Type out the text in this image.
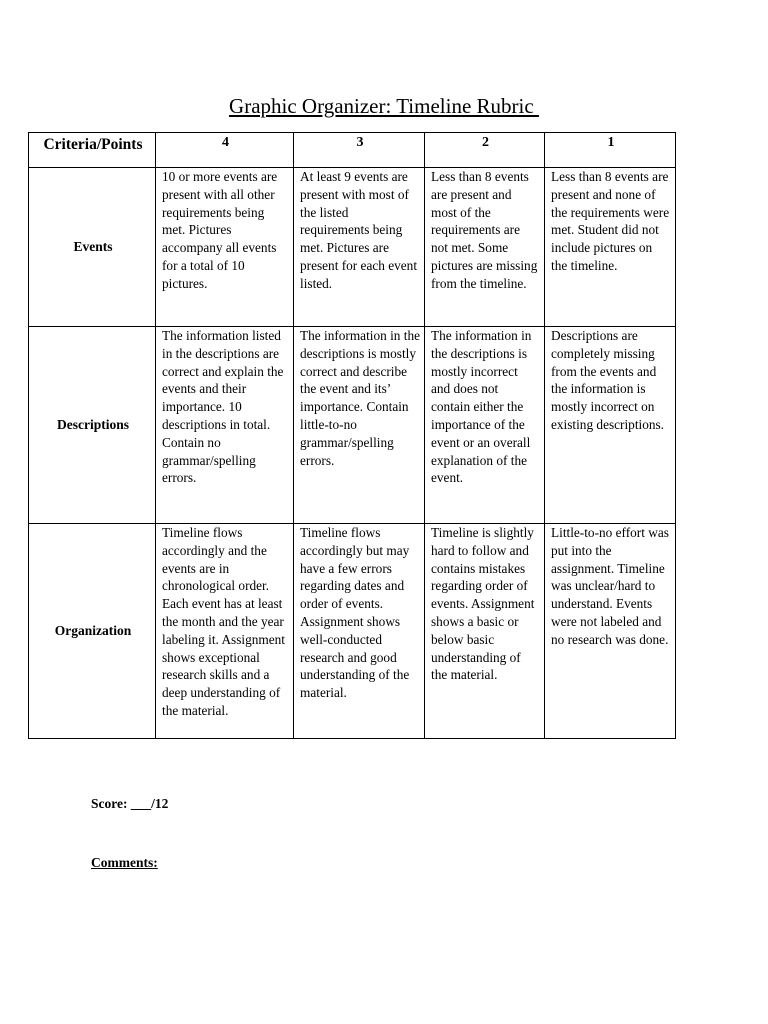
Graphic Organizer: Timeline Rubric
Criteria/Points	4	3	2	1
Events	10 or more events are present with all other requirements being met. Pictures accompany all events for a total of 10 pictures.	At least 9 events are present with most of the listed requirements being met. Pictures are present for each event listed.	Less than 8 events are present and most of the requirements are not met. Some pictures are missing from the timeline.	Less than 8 events are present and none of the requirements were met. Student did not include pictures on the timeline.
Descriptions	The information listed in the descriptions are correct and explain the events and their importance. 10 descriptions in total. Contain no grammar/spelling errors.	The information in the descriptions is mostly correct and describe the event and its’ importance. Contain little-to-no grammar/spelling errors.	The information in the descriptions is mostly incorrect and does not contain either the importance of the event or an overall explanation of the event.	Descriptions are completely missing from the events and the information is mostly incorrect on existing descriptions.
Organization	Timeline flows accordingly and the events are in chronological order. Each event has at least the month and the year labeling it. Assignment shows exceptional research skills and a deep understanding of the material.	Timeline flows accordingly but may have a few errors regarding dates and order of events. Assignment shows well-conducted research and good understanding of the material.	Timeline is slightly hard to follow and contains mistakes regarding order of events. Assignment shows a basic or below basic understanding of the material.	Little-to-no effort was put into the assignment. Timeline was unclear/hard to understand. Events were not labeled and no research was done.
Score: ___/12
Comments:
